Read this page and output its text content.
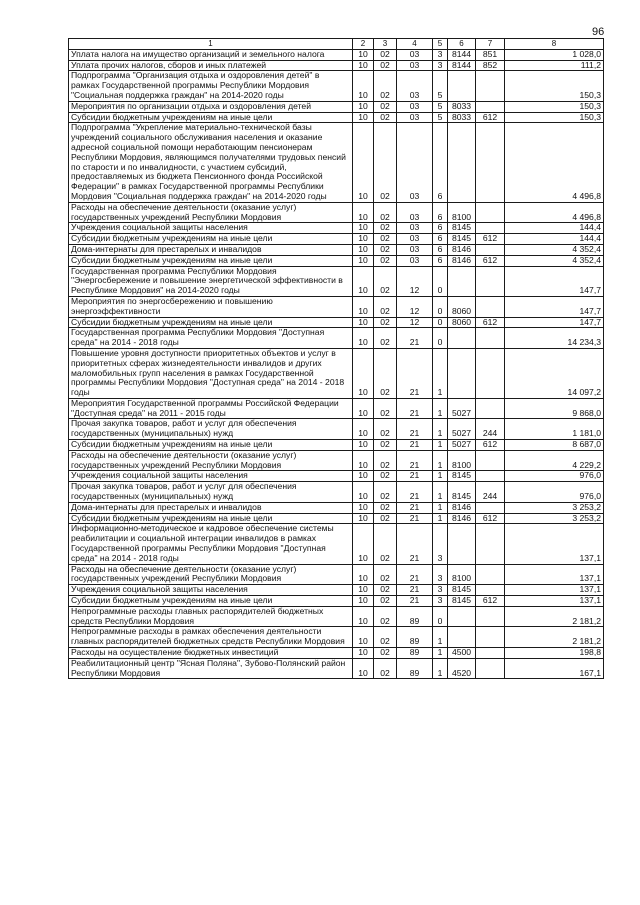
96
1	2	3	4	5	6	7	8
Уплата налога на имущество организаций и земельного налога	10	02	03	3	8144	851	1 028,0
Уплата прочих налогов, сборов и иных платежей	10	02	03	3	8144	852	111,2
Подпрограмма "Организация отдыха и оздоровления детей" в рамках Государственной программы Республики Мордовия "Социальная поддержка граждан" на 2014-2020 годы	10	02	03	5			150,3
Мероприятия по организации отдыха и оздоровления детей	10	02	03	5	8033		150,3
Субсидии бюджетным учреждениям на иные цели	10	02	03	5	8033	612	150,3
Подпрограмма "Укрепление материально-технической базы учреждений социального обслуживания населения и оказание адресной социальной помощи неработающим пенсионерам Республики Мордовия, являющимся получателями трудовых пенсий по старости и по инвалидности, с участием субсидий, предоставляемых из бюджета Пенсионного фонда Российской Федерации" в рамках Государственной программы Республики Мордовия "Социальная поддержка граждан" на 2014-2020 годы	10	02	03	6			4 496,8
Расходы на обеспечение деятельности (оказание услуг) государственных учреждений Республики Мордовия	10	02	03	6	8100		4 496,8
Учреждения социальной защиты населения	10	02	03	6	8145		144,4
Субсидии бюджетным учреждениям на иные цели	10	02	03	6	8145	612	144,4
Дома-интернаты для престарелых и инвалидов	10	02	03	6	8146		4 352,4
Субсидии бюджетным учреждениям на иные цели	10	02	03	6	8146	612	4 352,4
Государственная программа Республики Мордовия "Энергосбережение и повышение энергетической эффективности в Республике Мордовия" на 2014-2020 годы	10	02	12	0			147,7
Мероприятия по энергосбережению и повышению энергоэффективности	10	02	12	0	8060		147,7
Субсидии бюджетным учреждениям на иные цели	10	02	12	0	8060	612	147,7
Государственная программа Республики Мордовия "Доступная среда" на 2014 - 2018 годы	10	02	21	0			14 234,3
Повышение уровня доступности приоритетных объектов и услуг в приоритетных сферах жизнедеятельности инвалидов и других маломобильных групп населения в рамках Государственной программы Республики Мордовия "Доступная среда" на 2014 - 2018 годы	10	02	21	1			14 097,2
Мероприятия Государственной программы Российской Федерации "Доступная среда" на 2011 - 2015 годы	10	02	21	1	5027		9 868,0
Прочая закупка товаров, работ и услуг для обеспечения государственных (муниципальных) нужд	10	02	21	1	5027	244	1 181,0
Субсидии бюджетным учреждениям на иные цели	10	02	21	1	5027	612	8 687,0
Расходы на обеспечение деятельности (оказание услуг) государственных учреждений Республики Мордовия	10	02	21	1	8100		4 229,2
Учреждения социальной защиты населения	10	02	21	1	8145		976,0
Прочая закупка товаров, работ и услуг для обеспечения государственных (муниципальных) нужд	10	02	21	1	8145	244	976,0
Дома-интернаты для престарелых и инвалидов	10	02	21	1	8146		3 253,2
Субсидии бюджетным учреждениям на иные цели	10	02	21	1	8146	612	3 253,2
Информационно-методическое и кадровое обеспечение системы реабилитации и социальной интеграции инвалидов в рамках Государственной программы Республики Мордовия "Доступная среда" на 2014 - 2018 годы	10	02	21	3			137,1
Расходы на обеспечение деятельности (оказание услуг) государственных учреждений Республики Мордовия	10	02	21	3	8100		137,1
Учреждения социальной защиты населения	10	02	21	3	8145		137,1
Субсидии бюджетным учреждениям на иные цели	10	02	21	3	8145	612	137,1
Непрограммные расходы главных распорядителей бюджетных средств Республики Мордовия	10	02	89	0			2 181,2
Непрограммные расходы в рамках обеспечения деятельности главных распорядителей бюджетных средств Республики Мордовия	10	02	89	1			2 181,2
Расходы на осуществление бюджетных инвестиций	10	02	89	1	4500		198,8
Реабилитационный центр "Ясная Поляна", Зубово-Полянский район Республики Мордовия	10	02	89	1	4520		167,1
